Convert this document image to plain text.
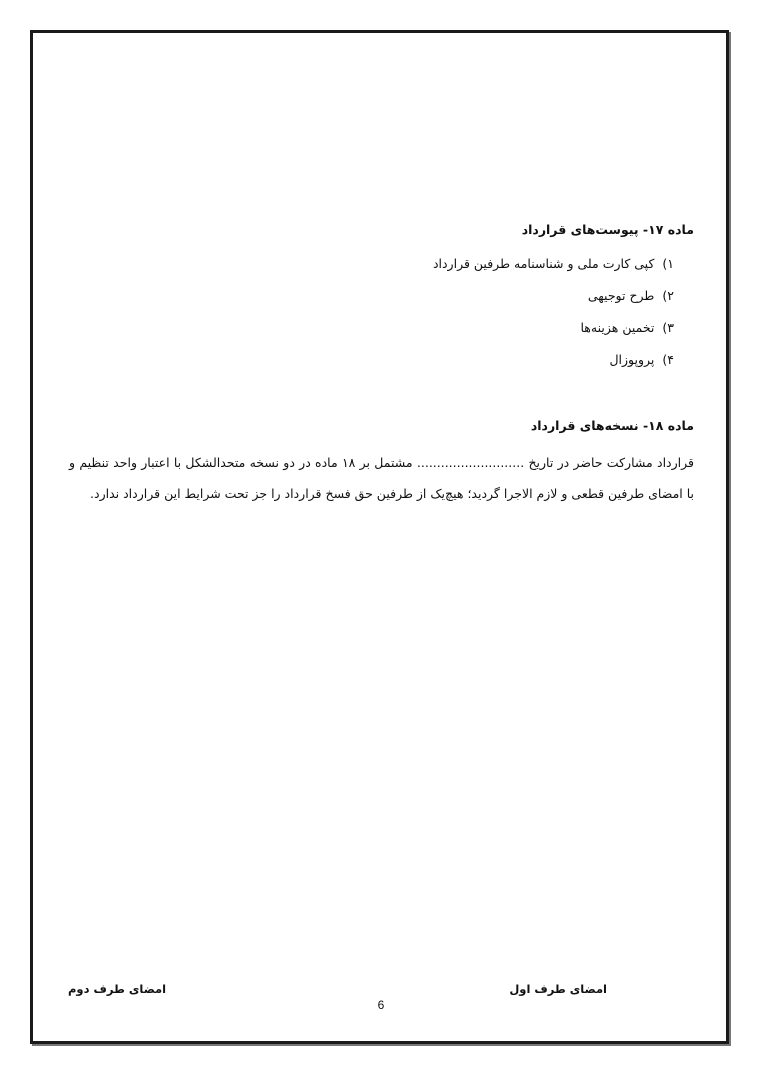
ماده ۱۷- پیوست‌های قرارداد
۱)
کپی کارت ملی و شناسنامه طرفین قرارداد
۲)
طرح توجیهی
۳)
تخمین هزینه‌ها
۴)
پروپوزال
ماده ۱۸- نسخه‌های قرارداد
قرارداد مشارکت حاضر در تاریخ ........................... مشتمل بر ۱۸ ماده در دو نسخه متحدالشکل با اعتبار واحد تنظیم و با امضای طرفین قطعی و لازم الاجرا گردید؛ هیچ‌یک از طرفین حق فسخ قرارداد را جز تحت شرایط این قرارداد ندارد.
امضای طرف اول
امضای طرف دوم
6
